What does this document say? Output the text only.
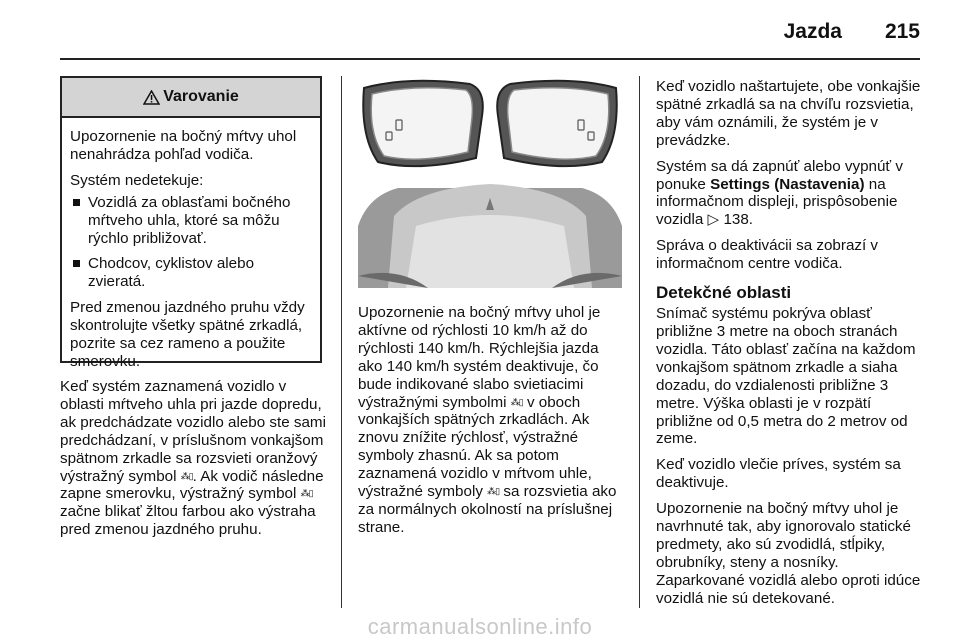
Jazda 215
Varovanie

Upozornenie na bočný mŕtvy uhol nenahrádza pohľad vodiča.

Systém nedetekuje:

Vozidlá za oblasťami bočného mŕtveho uhla, ktoré sa môžu rýchlo približovať.
Chodcov, cyklistov alebo zvieratá.

Pred zmenou jazdného pruhu vždy skontrolujte všetky spätné zrkadlá, pozrite sa cez rameno a použite smerovku.

Keď systém zaznamená vozidlo v oblasti mŕtveho uhla pri jazde dopredu, ak predchádzate vozidlo alebo ste sami predchádzaní, v príslušnom vonkajšom spätnom zrkadle sa rozsvieti oranžový výstražný symbol ⁂▯. Ak vodič následne zapne smerovku, výstražný symbol ⁂▯ začne blikať žltou farbou ako výstraha pred zmenou jazdného pruhu.

Upozornenie na bočný mŕtvy uhol je aktívne od rýchlosti 10 km/h až do rýchlosti 140 km/h. Rýchlejšia jazda ako 140 km/h systém deaktivuje, čo bude indikované slabo svietiacimi výstražnými symbolmi ⁂▯ v oboch vonkajších spätných zrkadlách. Ak znovu znížite rýchlosť, výstražné symboly zhasnú. Ak sa potom zaznamená vozidlo v mŕtvom uhle, výstražné symboly ⁂▯ sa rozsvietia ako za normálnych okolností na príslušnej strane.

Keď vozidlo naštartujete, obe vonkajšie spätné zrkadlá sa na chvíľu rozsvietia, aby vám oznámili, že systém je v prevádzke.

Systém sa dá zapnúť alebo vypnúť v ponuke Settings (Nastavenia) na informačnom displeji, prispôsobenie vozidla ▷ 138.

Správa o deaktivácii sa zobrazí v informačnom centre vodiča.

Detekčné oblasti

Snímač systému pokrýva oblasť približne 3 metre na oboch stranách vozidla. Táto oblasť začína na každom vonkajšom spätnom zrkadle a siaha dozadu, do vzdialenosti približne 3 metre. Výška oblasti je v rozpätí približne od 0,5 metra do 2 metrov od zeme.

Keď vozidlo vlečie príves, systém sa deaktivuje.

Upozornenie na bočný mŕtvy uhol je navrhnuté tak, aby ignorovalo statické predmety, ako sú zvodidlá, stĺpiky, obrubníky, steny a nosníky. Zaparkované vozidlá alebo oproti idúce vozidlá nie sú detekované.

carmanualsonline.info
